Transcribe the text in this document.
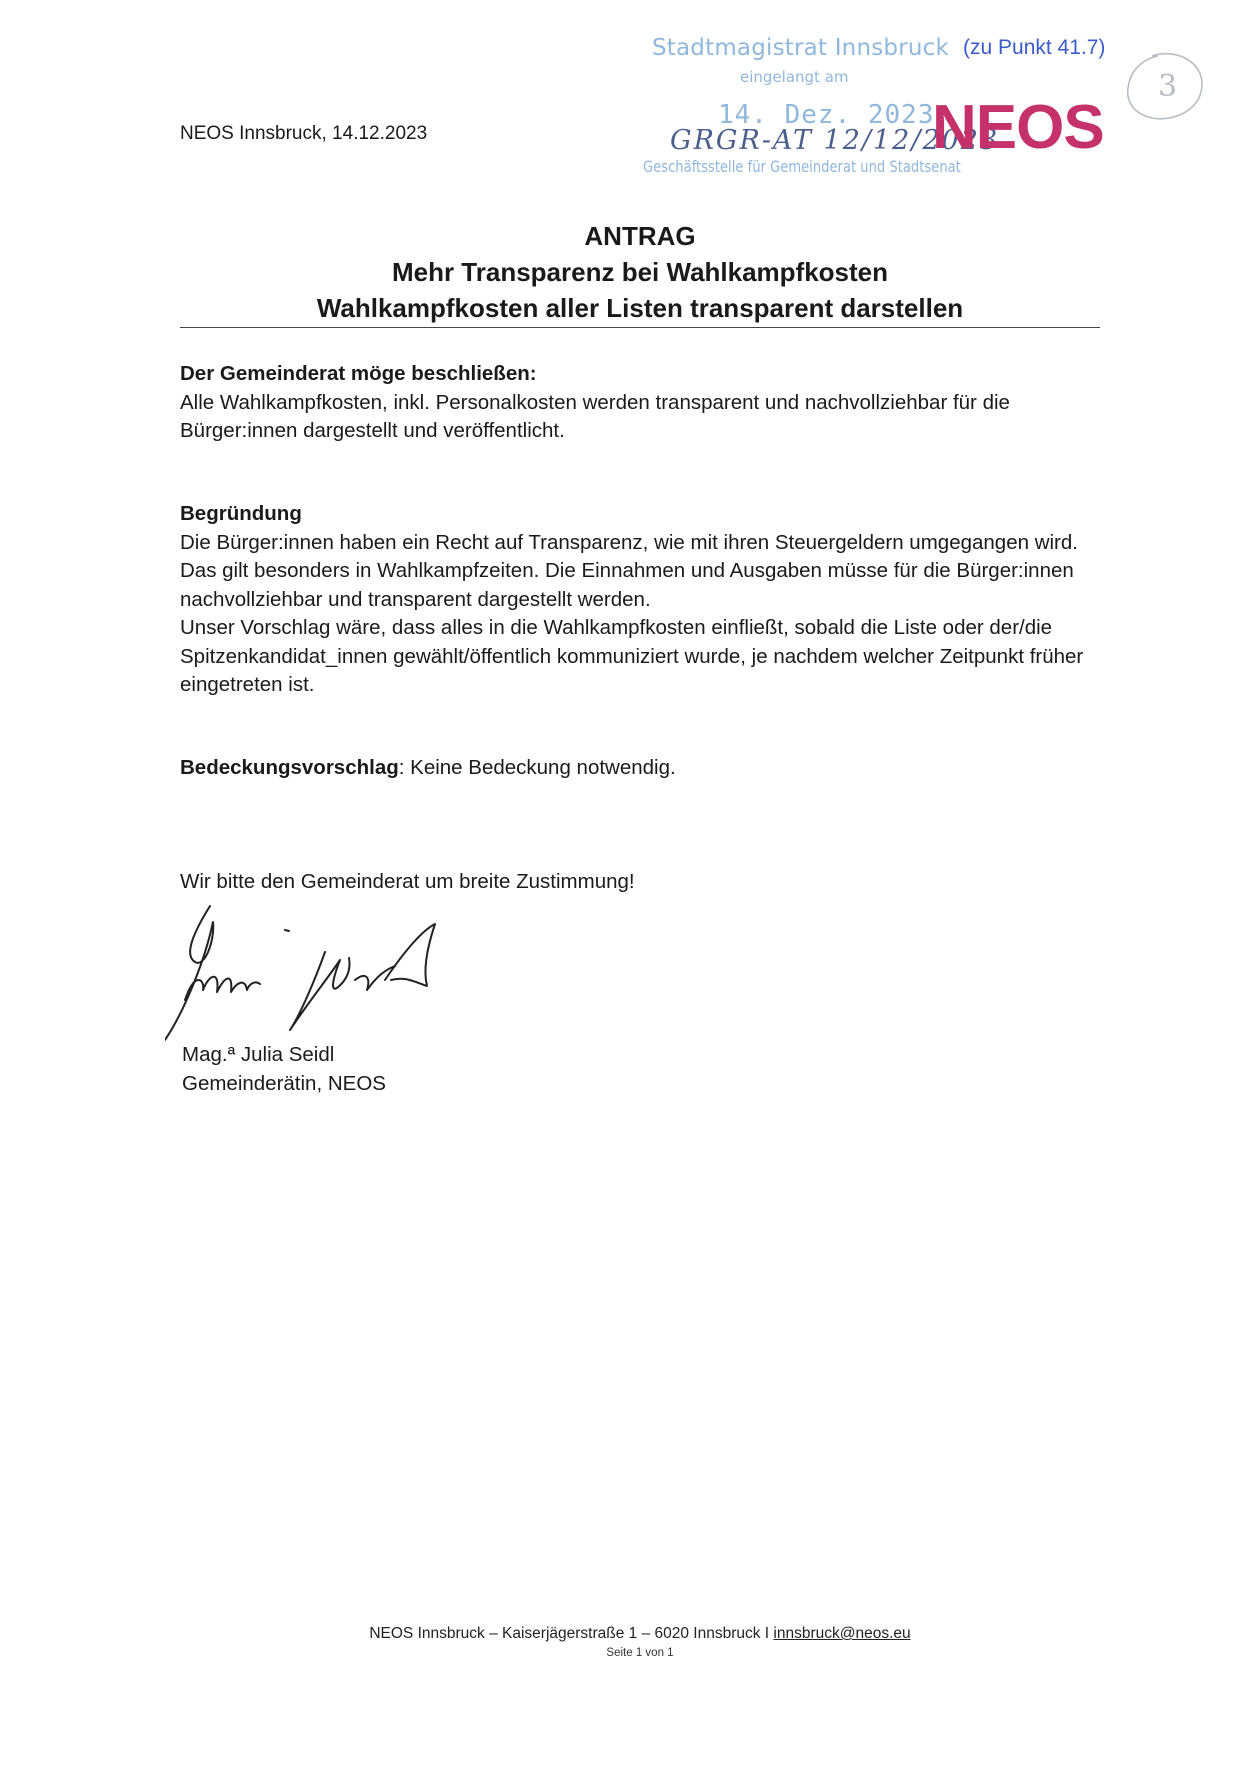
NEOS Innsbruck, 14.12.2023
Stadtmagistrat Innsbruck
eingelangt am
14. Dez. 2023
GRGR-AT 12/12/2023
Geschäftsstelle für Gemeinderat und Stadtsenat
(zu Punkt 41.7)
NEOS
3
ANTRAG
Mehr Transparenz bei Wahlkampfkosten
Wahlkampfkosten aller Listen transparent darstellen
Der Gemeinderat möge beschließen:
Alle Wahlkampfkosten, inkl. Personalkosten werden transparent und nachvollziehbar für die Bürger:innen dargestellt und veröffentlicht.
Begründung
Die Bürger:innen haben ein Recht auf Transparenz, wie mit ihren Steuergeldern umgegangen wird. Das gilt besonders in Wahlkampfzeiten. Die Einnahmen und Ausgaben müsse für die Bürger:innen nachvollziehbar und transparent dargestellt werden.
Unser Vorschlag wäre, dass alles in die Wahlkampfkosten einfließt, sobald die Liste oder der/die Spitzenkandidat_innen gewählt/öffentlich kommuniziert wurde, je nachdem welcher Zeitpunkt früher eingetreten ist.
Bedeckungsvorschlag: Keine Bedeckung notwendig.
Wir bitte den Gemeinderat um breite Zustimmung!
Mag.ª Julia Seidl
Gemeinderätin, NEOS
NEOS Innsbruck – Kaiserjägerstraße 1 – 6020 Innsbruck I innsbruck@neos.eu
Seite 1 von 1
